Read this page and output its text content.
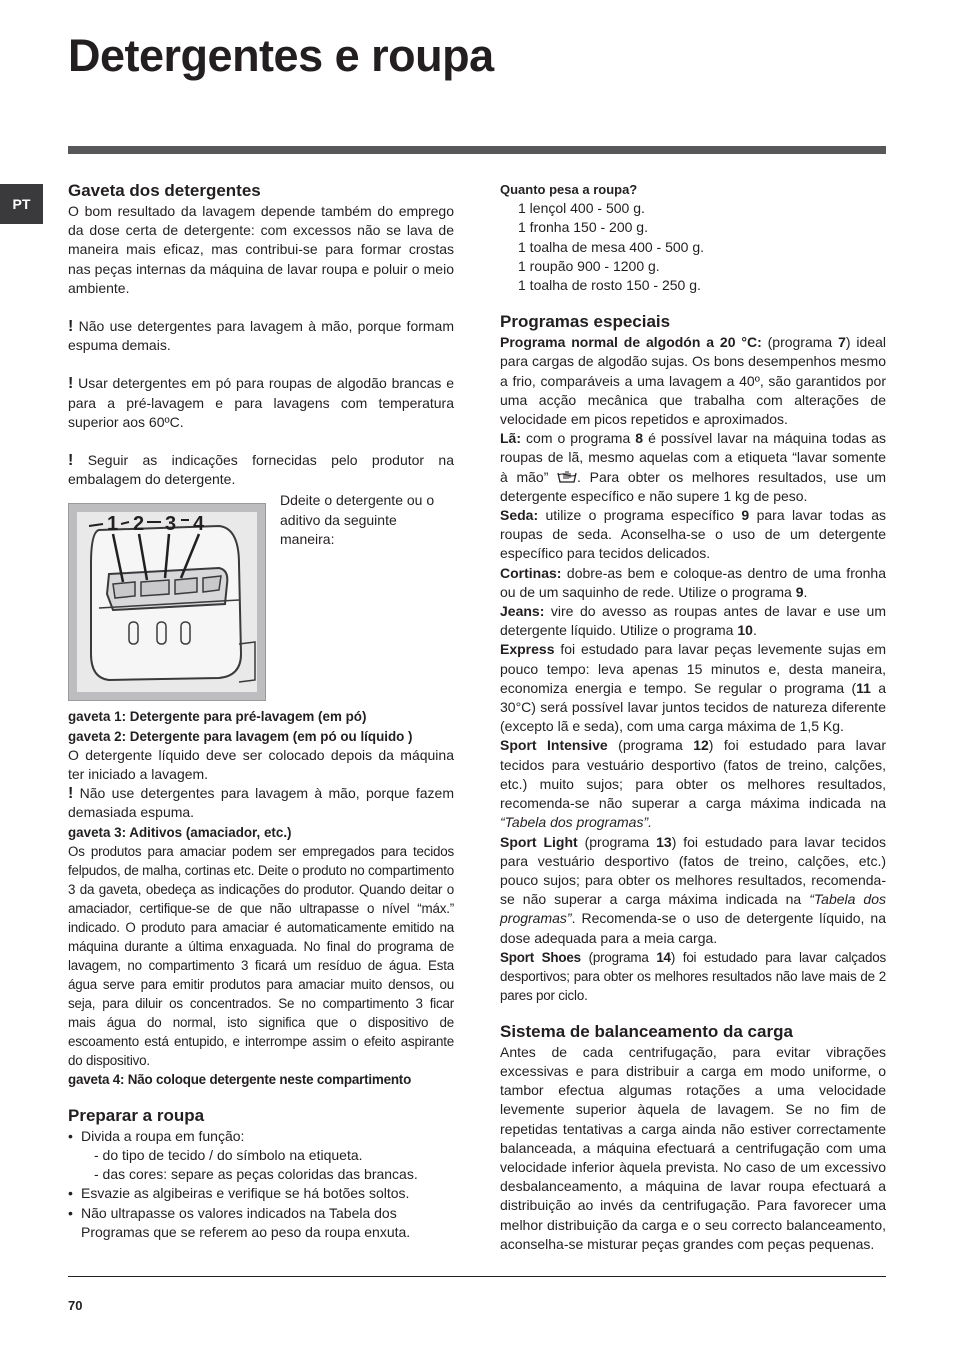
Detergentes e roupa
PT
Gaveta dos detergentes

O bom resultado da lavagem depende também do emprego da dose certa de detergente: com excessos não se lava de maneira mais eficaz, mas contribui-se para formar crostas nas peças internas da máquina de lavar roupa e poluir o meio ambiente.

! Não use detergentes para lavagem à mão, porque formam espuma demais.

! Usar detergentes em pó para roupas de algodão brancas e para a pré-lavagem e para lavagens com temperatura superior aos 60ºC.

! Seguir as indicações fornecidas pelo produtor na embalagem do detergente.

1 2 3 4

Ddeite o detergente ou o aditivo da seguinte maneira:

gaveta 1: Detergente para pré-lavagem (em pó)

gaveta 2: Detergente para lavagem (em pó ou líquido )

O detergente líquido deve ser colocado depois da máquina ter iniciado a lavagem.

! Não use detergentes para lavagem à mão, porque fazem demasiada espuma.

gaveta 3: Aditivos (amaciador, etc.)

Os produtos para amaciar podem ser empregados para tecidos felpudos, de malha, cortinas etc. Deite o produto no compartimento 3 da gaveta, obedeça as indicações do produtor. Quando deitar o amaciador, certifique-se de que não ultrapasse o nível “máx.” indicado. O produto para amaciar é automaticamente emitido na máquina durante a última enxaguada. No final do programa de lavagem, no compartimento 3 ficará um resíduo de água. Esta água serve para emitir produtos para amaciar muito densos, ou seja, para diluir os concentrados. Se no compartimento 3 ficar mais água do normal, isto significa que o dispositivo de escoamento está entupido, e interrompe assim o efeito aspirante do dispositivo.

gaveta 4: Não coloque detergente neste compartimento

Preparar a roupa
• Divida a roupa em função:
- do tipo de tecido / do símbolo na etiqueta.
- das cores: separe as peças coloridas das brancas.
• Esvazie as algibeiras e verifique se há botões soltos.
• Não ultrapasse os valores indicados na Tabela dos Programas que se referem ao peso da roupa enxuta.

Quanto pesa a roupa?

1 lençol 400 - 500 g.
1 fronha 150 - 200 g.
1 toalha de mesa 400 - 500 g.
1 roupão 900 - 1200 g.
1 toalha de rosto 150 - 250 g.
Programas especiais

Programa normal de algodón a 20 °C: (programa 7) ideal para cargas de algodão sujas. Os bons desempenhos mesmo a frio, comparáveis a uma lavagem a 40º, são garantidos por uma acção mecânica que trabalha com alterações de velocidade em picos repetidos e aproximados.

Lã: com o programa 8 é possível lavar na máquina todas as roupas de lã, mesmo aquelas com a etiqueta “lavar somente à mão” . Para obter os melhores resultados, use um detergente específico e não supere 1 kg de peso.

Seda: utilize o programa específico 9 para lavar todas as roupas de seda. Aconselha-se o uso de um detergente específico para tecidos delicados.

Cortinas: dobre-as bem e coloque-as dentro de uma fronha ou de um saquinho de rede. Utilize o programa 9.

Jeans: vire do avesso as roupas antes de lavar e use um detergente líquido. Utilize o programa 10.

Express foi estudado para lavar peças levemente sujas em pouco tempo: leva apenas 15 minutos e, desta maneira, economiza energia e tempo. Se regular o programa (11 a 30°C) será possível lavar juntos tecidos de natureza diferente (excepto lã e seda), com uma carga máxima de 1,5 Kg.

Sport Intensive (programa 12) foi estudado para lavar tecidos para vestuário desportivo (fatos de treino, calções, etc.) muito sujos; para obter os melhores resultados, recomenda-se não superar a carga máxima indicada na “Tabela dos programas”.

Sport Light (programa 13) foi estudado para lavar tecidos para vestuário desportivo (fatos de treino, calções, etc.) pouco sujos; para obter os melhores resultados, recomenda-se não superar a carga máxima indicada na “Tabela dos programas”. Recomenda-se o uso de detergente líquido, na dose adequada para a meia carga.

Sport Shoes (programa 14) foi estudado para lavar calçados desportivos; para obter os melhores resultados não lave mais de 2 pares por ciclo.

Sistema de balanceamento da carga

Antes de cada centrifugação, para evitar vibrações excessivas e para distribuir a carga em modo uniforme, o tambor efectua algumas rotações a uma velocidade levemente superior àquela de lavagem. Se no fim de repetidas tentativas a carga ainda não estiver correctamente balanceada, a máquina efectuará a centrifugação com uma velocidade inferior àquela prevista. No caso de um excessivo desbalanceamento, a máquina de lavar roupa efectuará a distribuição ao invés da centrifugação. Para favorecer uma melhor distribuição da carga e o seu correcto balanceamento, aconselha-se misturar peças grandes com peças pequenas.

70
